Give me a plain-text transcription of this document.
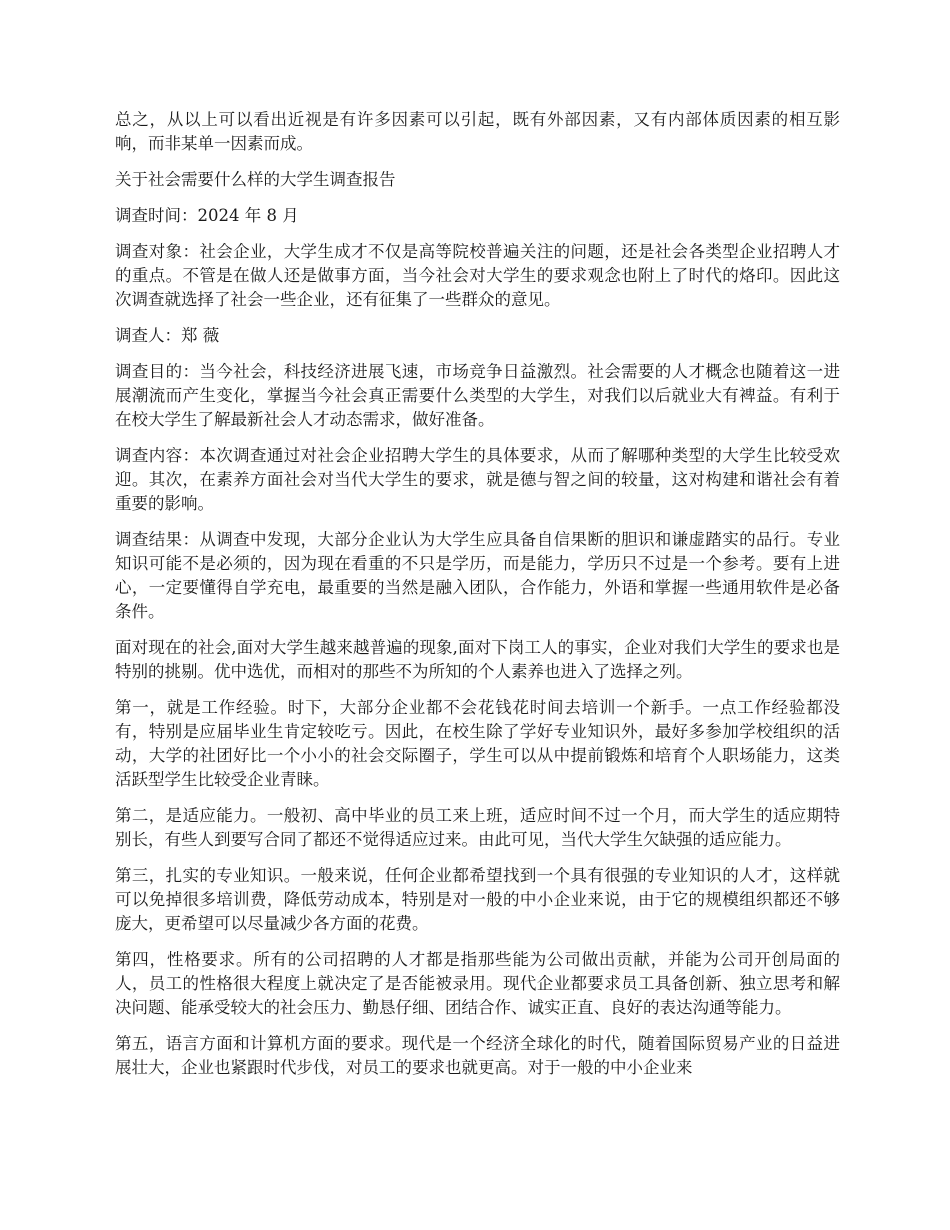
总之，从以上可以看出近视是有许多因素可以引起，既有外部因素，又有内部体质因素的相互影响，而非某单一因素而成。

关于社会需要什么样的大学生调查报告

调查时间：2024 年 8 月

调查对象：社会企业，大学生成才不仅是高等院校普遍关注的问题，还是社会各类型企业招聘人才的重点。不管是在做人还是做事方面，当今社会对大学生的要求观念也附上了时代的烙印。因此这次调查就选择了社会一些企业，还有征集了一些群众的意见。

调查人：郑 薇

调查目的：当今社会，科技经济进展飞速，市场竞争日益激烈。社会需要的人才概念也随着这一进展潮流而产生变化，掌握当今社会真正需要什么类型的大学生，对我们以后就业大有裨益。有利于在校大学生了解最新社会人才动态需求，做好准备。

调查内容：本次调查通过对社会企业招聘大学生的具体要求，从而了解哪种类型的大学生比较受欢迎。其次，在素养方面社会对当代大学生的要求，就是德与智之间的较量，这对构建和谐社会有着重要的影响。

调查结果：从调查中发现，大部分企业认为大学生应具备自信果断的胆识和谦虚踏实的品行。专业知识可能不是必须的，因为现在看重的不只是学历，而是能力，学历只不过是一个参考。要有上进心，一定要懂得自学充电，最重要的当然是融入团队，合作能力，外语和掌握一些通用软件是必备条件。

面对现在的社会,面对大学生越来越普遍的现象,面对下岗工人的事实，企业对我们大学生的要求也是特别的挑剔。优中选优，而相对的那些不为所知的个人素养也进入了选择之列。

第一，就是工作经验。时下，大部分企业都不会花钱花时间去培训一个新手。一点工作经验都没有，特别是应届毕业生肯定较吃亏。因此，在校生除了学好专业知识外，最好多参加学校组织的活动，大学的社团好比一个小小的社会交际圈子，学生可以从中提前锻炼和培育个人职场能力，这类活跃型学生比较受企业青睐。

第二，是适应能力。一般初、高中毕业的员工来上班，适应时间不过一个月，而大学生的适应期特别长，有些人到要写合同了都还不觉得适应过来。由此可见，当代大学生欠缺强的适应能力。

第三，扎实的专业知识。一般来说，任何企业都希望找到一个具有很强的专业知识的人才，这样就可以免掉很多培训费，降低劳动成本，特别是对一般的中小企业来说，由于它的规模组织都还不够庞大，更希望可以尽量减少各方面的花费。

第四，性格要求。所有的公司招聘的人才都是指那些能为公司做出贡献，并能为公司开创局面的人，员工的性格很大程度上就决定了是否能被录用。现代企业都要求员工具备创新、独立思考和解决问题、能承受较大的社会压力、勤恳仔细、团结合作、诚实正直、良好的表达沟通等能力。

第五，语言方面和计算机方面的要求。现代是一个经济全球化的时代，随着国际贸易产业的日益进展壮大，企业也紧跟时代步伐，对员工的要求也就更高。对于一般的中小企业来
